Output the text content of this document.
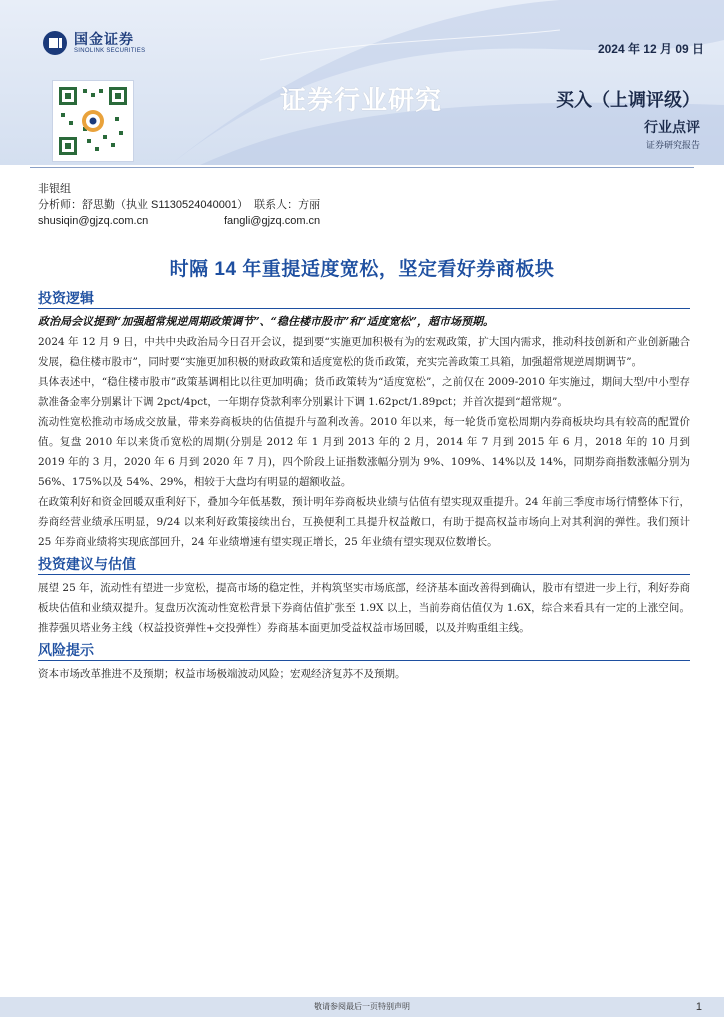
国金证券
SINOLINK SECURITIES	2024 年 12 月 09 日
证券行业研究	买入（上调评级）
行业点评
证券研究报告
非银组
分析师：舒思勤（执业 S1130524040001） 联系人：方丽
shusiqin@gjzq.com.cn	fangli@gjzq.com.cn
时隔 14 年重提适度宽松，坚定看好券商板块
投资逻辑

政治局会议提到“加强超常规逆周期政策调节”、“稳住楼市股市”和“适度宽松”，超市场预期。

2024 年 12 月 9 日，中共中央政治局今日召开会议，提到要“实施更加积极有为的宏观政策，扩大国内需求，推动科技创新和产业创新融合发展，稳住楼市股市”，同时要“实施更加积极的财政政策和适度宽松的货币政策，充实完善政策工具箱，加强超常规逆周期调节”。

具体表述中，“稳住楼市股市”政策基调相比以往更加明确；货币政策转为“适度宽松”，之前仅在 2009-2010 年实施过，期间大型/中小型存款准备金率分别累计下调 2pct/4pct，一年期存贷款利率分别累计下调 1.62pct/1.89pct；并首次提到“超常规”。

流动性宽松推动市场成交放量，带来券商板块的估值提升与盈利改善。2010 年以来，每一轮货币宽松周期内券商板块均具有较高的配置价值。复盘 2010 年以来货币宽松的周期(分别是 2012 年 1 月到 2013 年的 2 月，2014 年 7 月到 2015 年 6 月，2018 年的 10 月到 2019 年的 3 月，2020 年 6 月到 2020 年 7 月)，四个阶段上证指数涨幅分别为 9%、109%、14%以及 14%，同期券商指数涨幅分别为 56%、175%以及 54%、29%，相较于大盘均有明显的超额收益。

在政策利好和资金回暖双重利好下，叠加今年低基数，预计明年券商板块业绩与估值有望实现双重提升。24 年前三季度市场行情整体下行，券商经营业绩承压明显，9/24 以来利好政策接续出台，互换便利工具提升权益敞口，有助于提高权益市场向上对其利润的弹性。我们预计 25 年券商业绩将实现底部回升，24 年业绩增速有望实现正增长，25 年业绩有望实现双位数增长。

投资建议与估值

展望 25 年，流动性有望进一步宽松，提高市场的稳定性，并构筑坚实市场底部，经济基本面改善得到确认，股市有望进一步上行，利好券商板块估值和业绩双提升。复盘历次流动性宽松背景下券商估值扩张至 1.9X 以上，当前券商估值仅为 1.6X，综合来看具有一定的上涨空间。推荐强贝塔业务主线（权益投资弹性+交投弹性）券商基本面更加受益权益市场回暖，以及并购重组主线。

风险提示

资本市场改革推进不及预期；权益市场极端波动风险；宏观经济复苏不及预期。

敬请参阅最后一页特别声明	1
